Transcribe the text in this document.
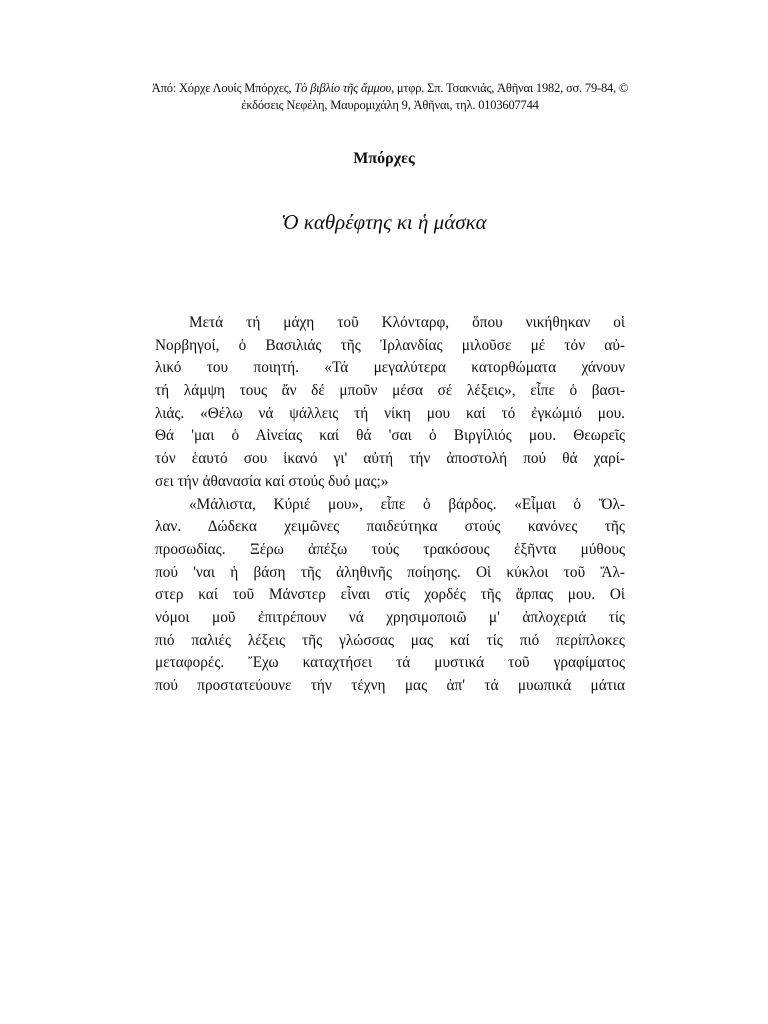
Ἀπό: Χόρχε Λουίς Μπόρχες, Τὸ βιβλίο τῆς ἄμμου, μτφρ. Σπ. Τσακνιάς, Ἀθῆναι 1982, σσ. 79-84, ©
ἐκδόσεις Νεφέλη, Μαυρομιχάλη 9, Ἀθῆναι, τηλ. 0103607744
Μπόρχες
Ὁ καθρέφτης κι ἡ μάσκα
Μετά τή μάχη τοῦ Κλόνταρφ, ὅπου νικήθηκαν οἱ
Νορβηγοί, ὁ Βασιλιάς τῆς Ἰρλανδίας μιλοῦσε μέ τόν αὐ-
λικό του ποιητή. «Τά μεγαλύτερα κατορθώματα χάνουν
τή λάμψη τους ἄν δέ μποῦν μέσα σέ λέξεις», εἶπε ὁ βασι-
λιάς. «Θέλω νά ψάλλεις τή νίκη μου καί τό ἐγκώμιό μου.
Θά 'μαι ὁ Αἰνείας καί θά 'σαι ὁ Βιργίλιός μου. Θεωρεῖς
τόν ἑαυτό σου ἱκανό γι' αὐτή τήν ἀποστολή πού θά χαρί-
σει τήν ἀθανασία καί στούς δυό μας;»
«Μάλιστα, Κύριέ μου», εἶπε ὁ βάρδος. «Εἶμαι ὁ Ὄλ-
λαν. Δώδεκα χειμῶνες παιδεύτηκα στούς κανόνες τῆς
προσωδίας. Ξέρω ἀπέξω τούς τρακόσους ἑξῆντα μύθους
πού 'ναι ἡ βάση τῆς ἀληθινῆς ποίησης. Οἱ κύκλοι τοῦ Ἄλ-
στερ καί τοῦ Μάνστερ εἶναι στίς χορδές τῆς ἅρπας μου. Οἱ
νόμοι μοῦ ἐπιτρέπουν νά χρησιμοποιῶ μ' ἀπλοχεριά τίς
πιό παλιές λέξεις τῆς γλώσσας μας καί τίς πιό περίπλοκες
μεταφορές. Ἔχω καταχτήσει τά μυστικά τοῦ γραφίματος
πού προστατεύουνε τήν τέχνη μας ἀπ' τά μυωπικά μάτια
